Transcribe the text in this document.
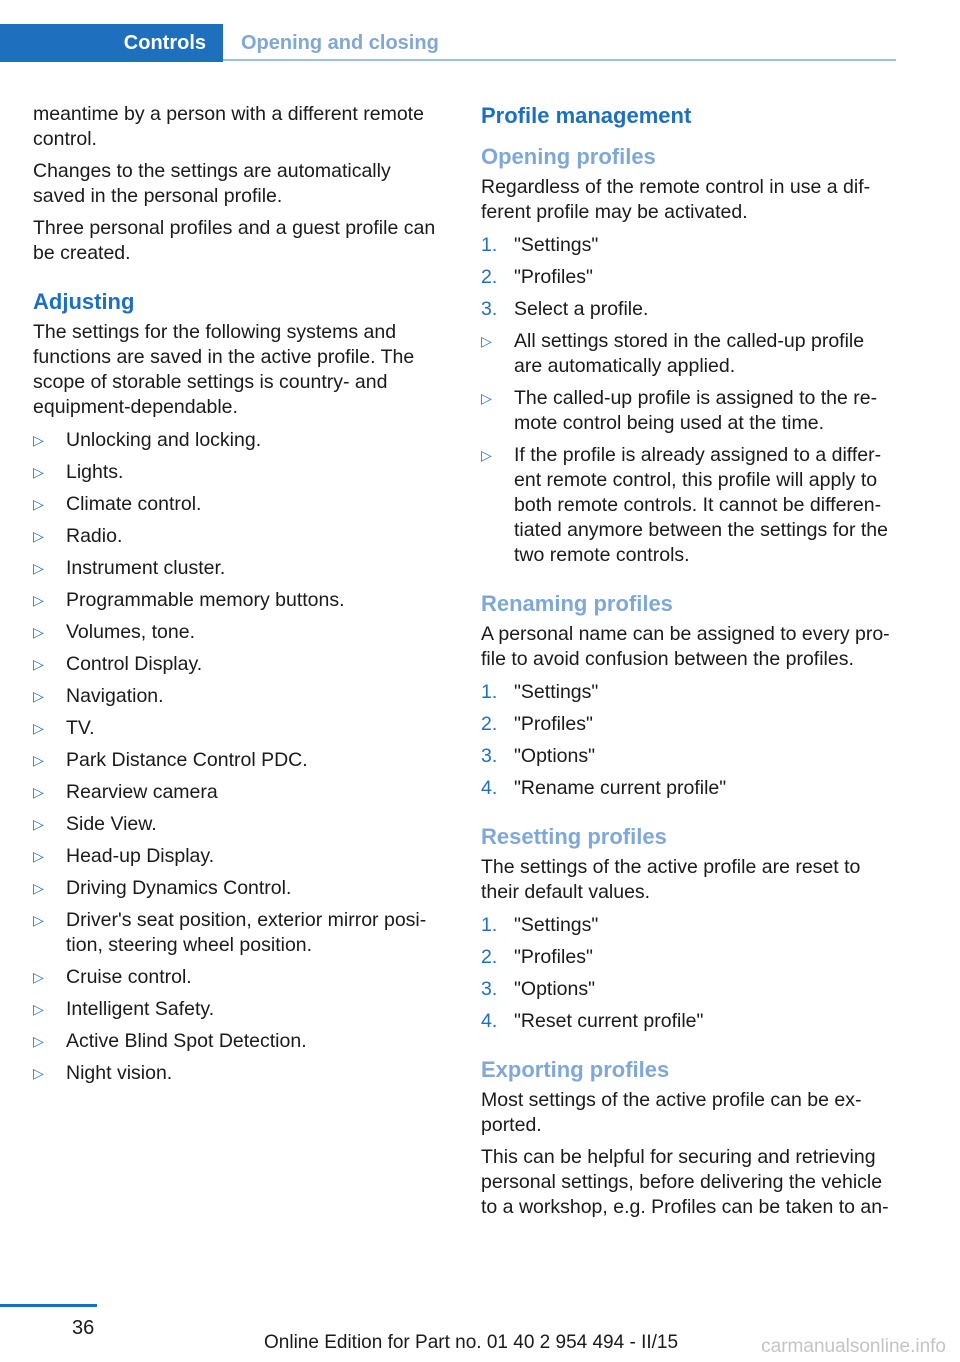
Controls	Opening and closing

meantime by a person with a different remote control.

Changes to the settings are automatically saved in the personal profile.

Three personal profiles and a guest profile can be created.

Adjusting

The settings for the following systems and functions are saved in the active profile. The scope of storable settings is country- and equipment-dependable.

▷ Unlocking and locking.
▷ Lights.
▷ Climate control.
▷ Radio.
▷ Instrument cluster.
▷ Programmable memory buttons.
▷ Volumes, tone.
▷ Control Display.
▷ Navigation.
▷ TV.
▷ Park Distance Control PDC.
▷ Rearview camera
▷ Side View.
▷ Head-up Display.
▷ Driving Dynamics Control.
▷ Driver's seat position, exterior mirror posi‐tion, steering wheel position.
▷ Cruise control.
▷ Intelligent Safety.
▷ Active Blind Spot Detection.
▷ Night vision.
Profile management
Opening profiles

Regardless of the remote control in use a dif‐ferent profile may be activated.

1. "Settings"
2. "Profiles"
3. Select a profile.
▷ All settings stored in the called-up profile are automatically applied.
▷ The called-up profile is assigned to the re‐mote control being used at the time.
▷ If the profile is already assigned to a differ‐ent remote control, this profile will apply to both remote controls. It cannot be differen‐tiated anymore between the settings for the two remote controls.
Renaming profiles

A personal name can be assigned to every pro‐file to avoid confusion between the profiles.

1. "Settings"
2. "Profiles"
3. "Options"
4. "Rename current profile"
Resetting profiles

The settings of the active profile are reset to their default values.

1. "Settings"
2. "Profiles"
3. "Options"
4. "Reset current profile"
Exporting profiles

Most settings of the active profile can be ex‐ported.

This can be helpful for securing and retrieving personal settings, before delivering the vehicle to a workshop, e.g. Profiles can be taken to an‐

36
Online Edition for Part no. 01 40 2 954 494 - II/15	carmanualsonline.info
